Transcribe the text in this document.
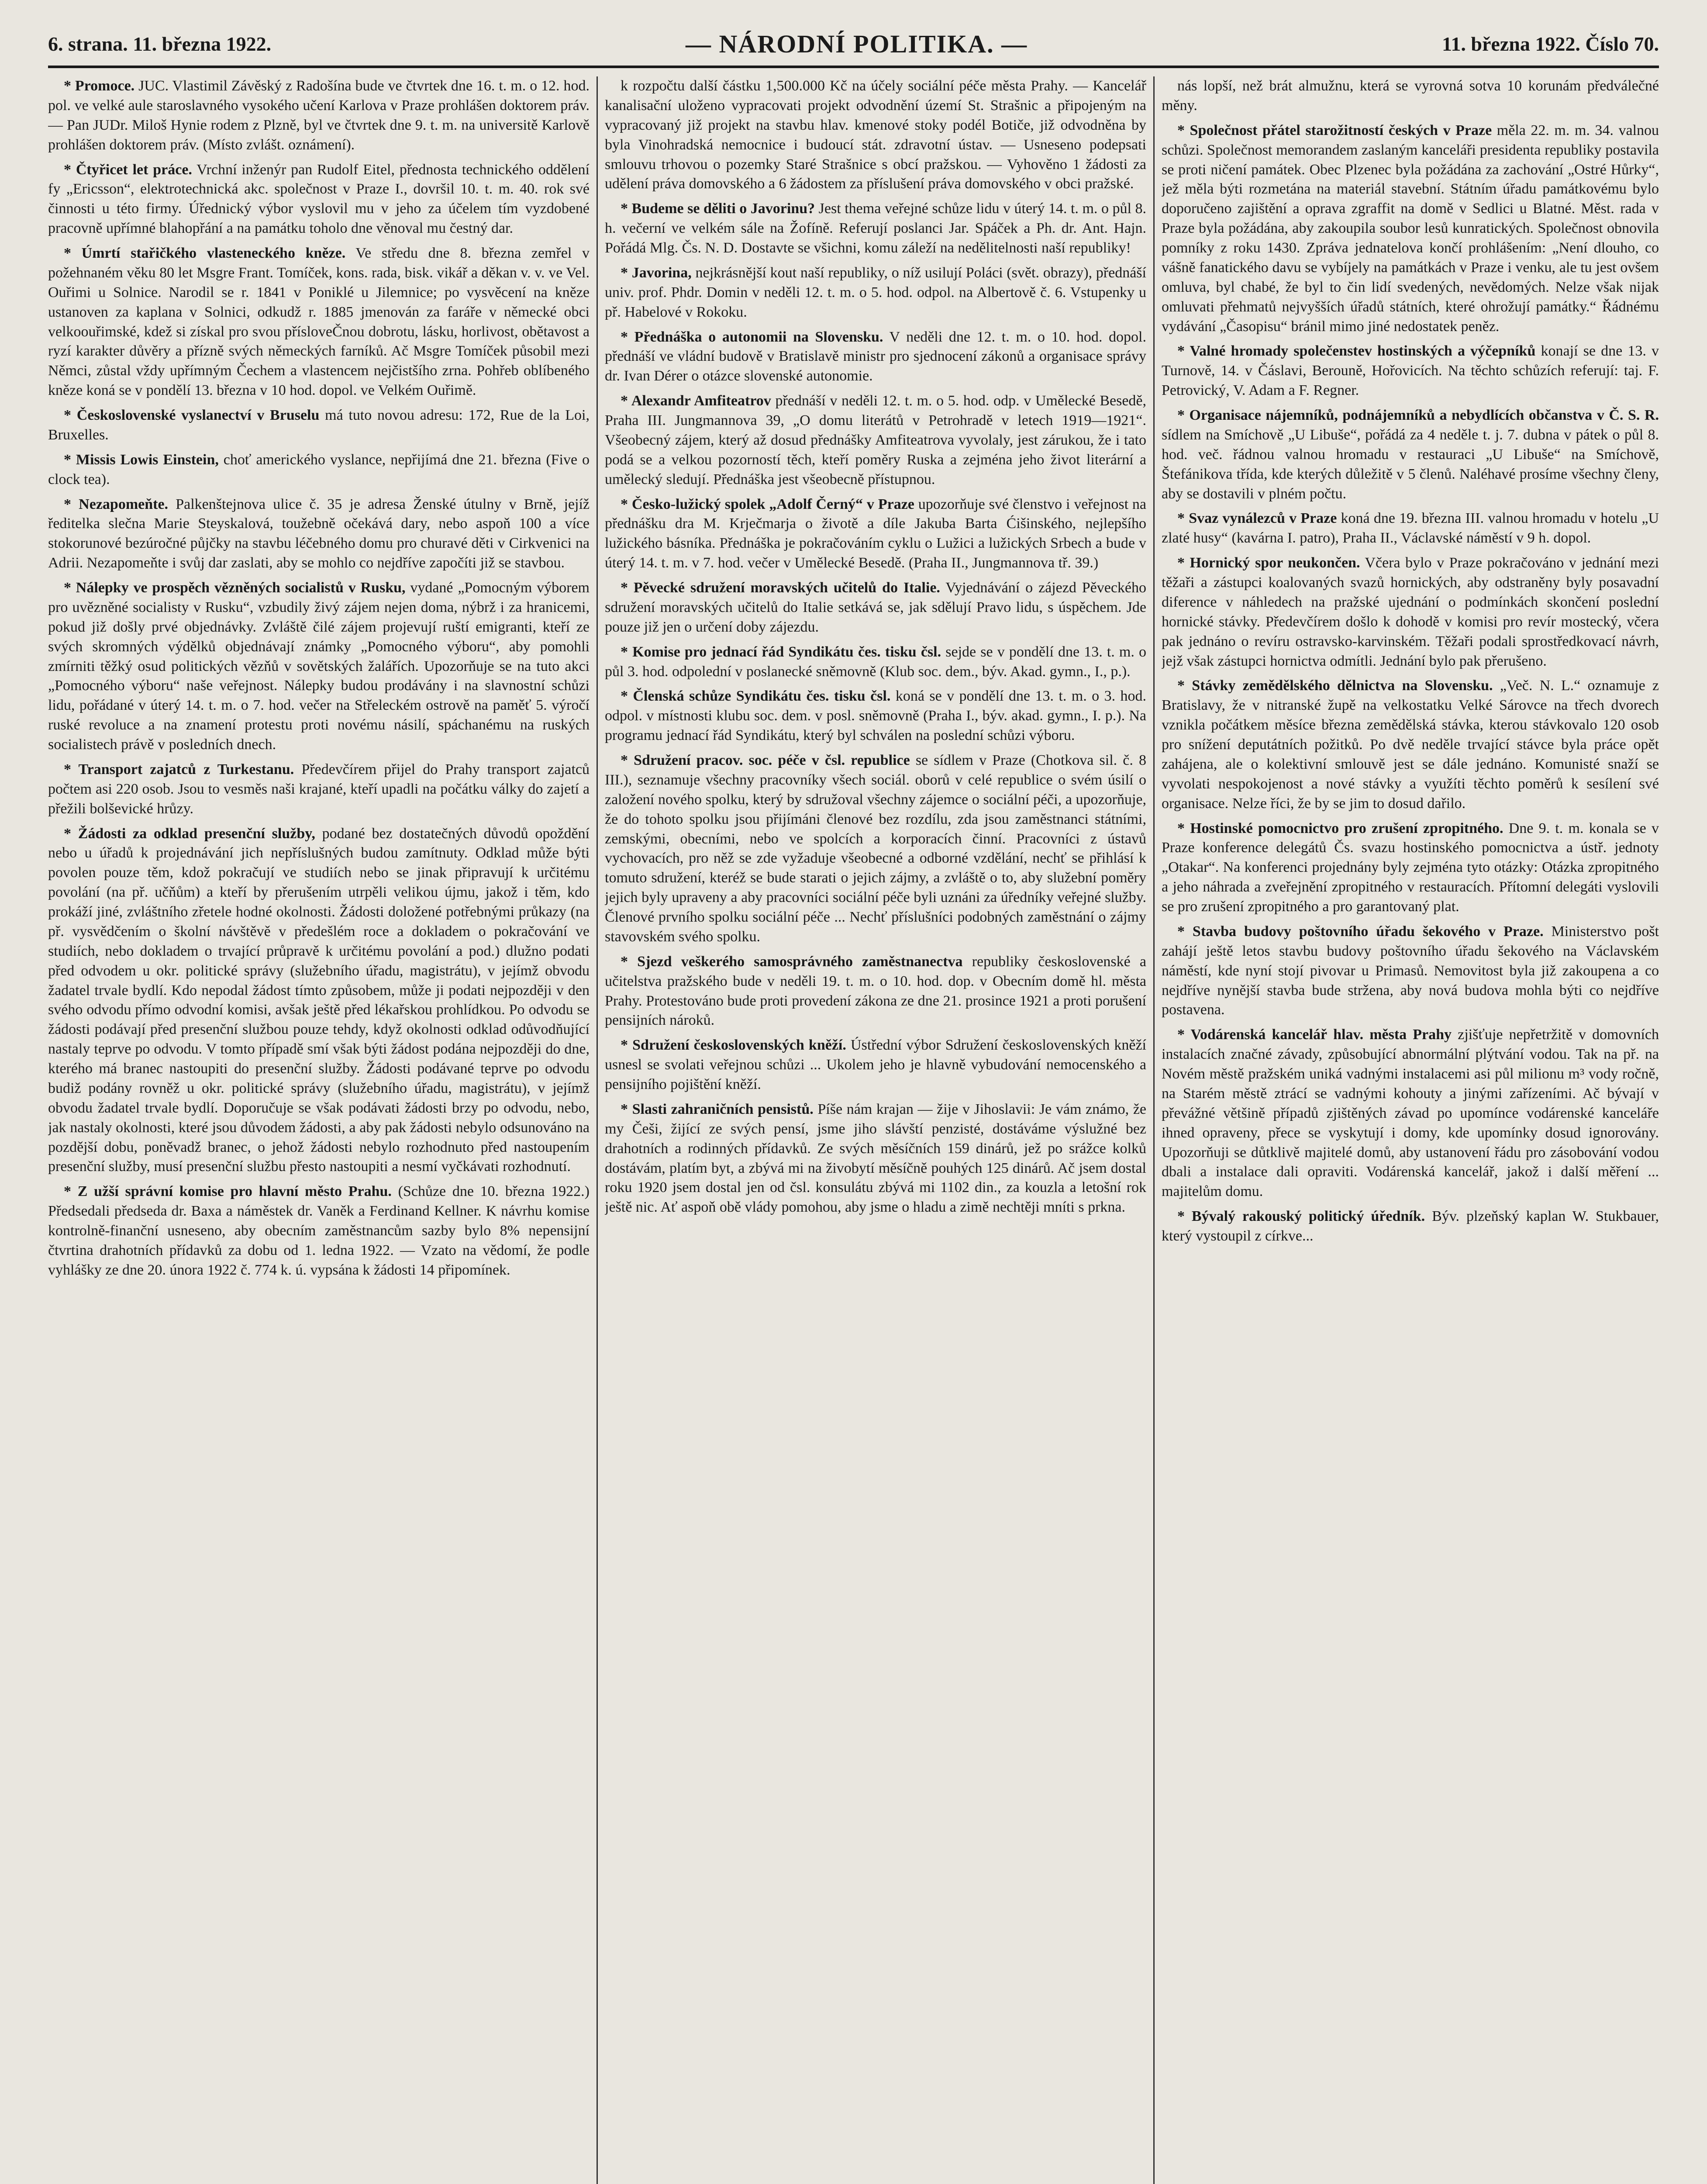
6. strana. 11. března 1922.	— NÁRODNÍ POLITIKA. —	11. března 1922. Číslo 70.

* Promoce. JUC. Vlastimil Závěský z Radošína bude ve čtvrtek dne 16. t. m. o 12. hod. pol. ve velké aule staroslavného vysokého učení Karlova v Praze prohlášen doktorem práv. — Pan JUDr. Miloš Hynie rodem z Plzně, byl ve čtvrtek dne 9. t. m. na universitě Karlově prohlášen doktorem práv. (Místo zvlášt. oznámení).

* Čtyřicet let práce. Vrchní inženýr pan Rudolf Eitel, přednosta technického oddělení fy „Ericsson“, elektrotechnická akc. společnost v Praze I., dovršil 10. t. m. 40. rok své činnosti u této firmy. Úřednický výbor vyslovil mu v jeho za účelem tím vyzdobené pracovně upřímné blahopřání a na památku toholo dne věnoval mu čestný dar.

* Úmrtí stařičkého vlasteneckého kněze. Ve středu dne 8. března zemřel v požehnaném věku 80 let Msgre Frant. Tomíček, kons. rada, bisk. vikář a děkan v. v. ve Vel. Ouřimi u Solnice. Narodil se r. 1841 v Poniklé u Jilemnice; po vysvěcení na kněze ustanoven za kaplana v Solnici, odkudž r. 1885 jmenován za faráře v německé obci velkoouřimské, kdež si získal pro svou přísloveČnou dobrotu, lásku, horlivost, obětavost a ryzí karakter důvěry a přízně svých německých farníků. Ač Msgre Tomíček působil mezi Němci, zůstal vždy upřímným Čechem a vlastencem nejčistšího zrna. Pohřeb oblíbeného kněze koná se v pondělí 13. března v 10 hod. dopol. ve Velkém Ouřimě.

* Československé vyslanectví v Bruselu má tuto novou adresu: 172, Rue de la Loi, Bruxelles.

* Missis Lowis Einstein, choť amerického vyslance, nepřijímá dne 21. března (Five o clock tea).

* Nezapomeňte. Palkenštejnova ulice č. 35 je adresa Ženské útulny v Brně, jejíž ředitelka slečna Marie Steyskalová, toužebně očekává dary, nebo aspoň 100 a více stokorunové bezúročné půjčky na stavbu léčebného domu pro churavé děti v Cirkvenici na Adrii. Nezapomeňte i svůj dar zaslati, aby se mohlo co nejdříve započíti již se stavbou.

* Nálepky ve prospěch vězněných socialistů v Rusku, vydané „Pomocným výborem pro uvězněné socialisty v Rusku“, vzbudily živý zájem nejen doma, nýbrž i za hranicemi, pokud již došly prvé objednávky. Zvláště čilé zájem projevují ruští emigranti, kteří ze svých skromných výdělků objednávají známky „Pomocného výboru“, aby pomohli zmírniti těžký osud politických vězňů v sovětských žalářích. Upozorňuje se na tuto akci „Pomocného výboru“ naše veřejnost. Nálepky budou prodávány i na slavnostní schůzi lidu, pořádané v úterý 14. t. m. o 7. hod. večer na Střeleckém ostrově na paměť 5. výročí ruské revoluce a na znamení protestu proti novému násilí, spáchanému na ruských socialistech právě v posledních dnech.

* Transport zajatců z Turkestanu. Předevčírem přijel do Prahy transport zajatců počtem asi 220 osob. Jsou to vesměs naši krajané, kteří upadli na počátku války do zajetí a přežili bolševické hrůzy.

* Žádosti za odklad presenční služby, podané bez dostatečných důvodů opoždění nebo u úřadů k projednávání jich nepříslušných budou zamítnuty. Odklad může býti povolen pouze těm, kdož pokračují ve studiích nebo se jinak připravují k určitému povolání (na př. učňům) a kteří by přerušením utrpěli velikou újmu, jakož i těm, kdo prokáží jiné, zvláštního zřetele hodné okolnosti. Žádosti doložené potřebnými průkazy (na př. vysvědčením o školní návštěvě v předešlém roce a dokladem o pokračování ve studiích, nebo dokladem o trvající průpravě k určitému povolání a pod.) dlužno podati před odvodem u okr. politické správy (služebního úřadu, magistrátu), v jejímž obvodu žadatel trvale bydlí. Kdo nepodal žádost tímto způsobem, může ji podati nejpozději v den svého odvodu přímo odvodní komisi, avšak ještě před lékařskou prohlídkou. Po odvodu se žádosti podávají před presenční službou pouze tehdy, když okolnosti odklad odůvodňující nastaly teprve po odvodu. V tomto případě smí však býti žádost podána nejpozději do dne, kterého má branec nastoupiti do presenční služby. Žádosti podávané teprve po odvodu budiž podány rovněž u okr. politické správy (služebního úřadu, magistrátu), v jejímž obvodu žadatel trvale bydlí. Doporučuje se však podávati žádosti brzy po odvodu, nebo, jak nastaly okolnosti, které jsou důvodem žádosti, a aby pak žádosti nebylo odsunováno na pozdější dobu, poněvadž branec, o jehož žádosti nebylo rozhodnuto před nastoupením presenční služby, musí presenční službu přesto nastoupiti a nesmí vyčkávati rozhodnutí.

* Z užší správní komise pro hlavní město Prahu. (Schůze dne 10. března 1922.) Předsedali předseda dr. Baxa a náměstek dr. Vaněk a Ferdinand Kellner. K návrhu komise kontrolně-finanční usneseno, aby obecním zaměstnancům sazby bylo 8% nepensijní čtvrtina drahotních přídavků za dobu od 1. ledna 1922. — Vzato na vědomí, že podle vyhlášky ze dne 20. února 1922 č. 774 k. ú. vypsána k žádosti 14 připomínek.

k rozpočtu další částku 1,500.000 Kč na účely sociální péče města Prahy. — Kancelář kanalisační uloženo vypracovati projekt odvodnění území St. Strašnic a připojeným na vypracovaný již projekt na stavbu hlav. kmenové stoky podél Botiče, již odvodněna by byla Vinohradská nemocnice i budoucí stát. zdravotní ústav. — Usneseno podepsati smlouvu trhovou o pozemky Staré Strašnice s obcí pražskou. — Vyhověno 1 žádosti za udělení práva domovského a 6 žádostem za příslušení práva domovského v obci pražské.

* Budeme se děliti o Javorinu? Jest thema veřejné schůze lidu v úterý 14. t. m. o půl 8. h. večerní ve velkém sále na Žofíně. Referují poslanci Jar. Spáček a Ph. dr. Ant. Hajn. Pořádá Mlg. Čs. N. D. Dostavte se všichni, komu záleží na nedělitelnosti naší republiky!

* Javorina, nejkrásnější kout naší republiky, o níž usilují Poláci (svět. obrazy), přednáší univ. prof. Phdr. Domin v neděli 12. t. m. o 5. hod. odpol. na Albertově č. 6. Vstupenky u př. Habelové v Rokoku.

* Přednáška o autonomii na Slovensku. V neděli dne 12. t. m. o 10. hod. dopol. přednáší ve vládní budově v Bratislavě ministr pro sjednocení zákonů a organisace správy dr. Ivan Dérer o otázce slovenské autonomie.

* Alexandr Amfiteatrov přednáší v neděli 12. t. m. o 5. hod. odp. v Umělecké Besedě, Praha III. Jungmannova 39, „O domu literátů v Petrohradě v letech 1919—1921“. Všeobecný zájem, který až dosud přednášky Amfiteatrova vyvolaly, jest zárukou, že i tato podá se a velkou pozorností těch, kteří poměry Ruska a zejména jeho život literární a umělecký sledují. Přednáška jest všeobecně přístupnou.

* Česko-lužický spolek „Adolf Černý“ v Praze upozorňuje své členstvo i veřejnost na přednášku dra M. Krječmarja o životě a díle Jakuba Barta Ćišinského, nejlepšího lužického básníka. Přednáška je pokračováním cyklu o Lužici a lužických Srbech a bude v úterý 14. t. m. v 7. hod. večer v Umělecké Besedě. (Praha II., Jungmannova tř. 39.)

* Pěvecké sdružení moravských učitelů do Italie. Vyjednávání o zájezd Pěveckého sdružení moravských učitelů do Italie setkává se, jak sdělují Pravo lidu, s úspěchem. Jde pouze již jen o určení doby zájezdu.

* Komise pro jednací řád Syndikátu čes. tisku čsl. sejde se v pondělí dne 13. t. m. o půl 3. hod. odpolední v poslanecké sněmovně (Klub soc. dem., býv. Akad. gymn., I., p.).

* Členská schůze Syndikátu čes. tisku čsl. koná se v pondělí dne 13. t. m. o 3. hod. odpol. v místnosti klubu soc. dem. v posl. sněmovně (Praha I., býv. akad. gymn., I. p.). Na programu jednací řád Syndikátu, který byl schválen na poslední schůzi výboru.

* Sdružení pracov. soc. péče v čsl. republice se sídlem v Praze (Chotkova sil. č. 8 III.), seznamuje všechny pracovníky všech sociál. oborů v celé republice o svém úsilí o založení nového spolku, který by sdružoval všechny zájemce o sociální péči, a upozorňuje, že do tohoto spolku jsou přijímáni členové bez rozdílu, zda jsou zaměstnanci státními, zemskými, obecními, nebo ve spolcích a korporacích činní. Pracovníci z ústavů vychovacích, pro něž se zde vyžaduje všeobecné a odborné vzdělání, nechť se přihlásí k tomuto sdružení, kteréž se bude starati o jejich zájmy, a zvláště o to, aby služební poměry jejich byly upraveny a aby pracovníci sociální péče byli uznáni za úředníky veřejné služby. Členové prvního spolku sociální péče ... Nechť příslušníci podobných zaměstnání o zájmy stavovském svého spolku.

* Sjezd veškerého samosprávného zaměstnanectva republiky československé a učitelstva pražského bude v neděli 19. t. m. o 10. hod. dop. v Obecním domě hl. města Prahy. Protestováno bude proti provedení zákona ze dne 21. prosince 1921 a proti porušení pensijních nároků.

* Sdružení československých kněží. Ústřední výbor Sdružení československých kněží usnesl se svolati veřejnou schůzi ... Ukolem jeho je hlavně vybudování nemocenského a pensijního pojištění kněží.

* Slasti zahraničních pensistů. Píše nám krajan — žije v Jihoslavii: Je vám známo, že my Češi, žijící ze svých pensí, jsme jiho slávští penzisté, dostáváme výslužné bez drahotních a rodinných přídavků. Ze svých měsíčních 159 dinárů, jež po srážce kolků dostávám, platím byt, a zbývá mi na živobytí měsíčně pouhých 125 dinárů. Ač jsem dostal roku 1920 jsem dostal jen od čsl. konsulátu zbývá mi 1102 din., za kouzla a letošní rok ještě nic. Ať aspoň obě vlády pomohou, aby jsme o hladu a zimě nechtěji mníti s prkna.

nás lopší, než brát almužnu, která se vyrovná sotva 10 korunám předválečné měny.

* Společnost přátel starožitností českých v Praze měla 22. m. m. 34. valnou schůzi. Společnost memorandem zaslaným kanceláři presidenta republiky postavila se proti ničení památek. Obec Plzenec byla požádána za zachování „Ostré Hůrky“, jež měla býti rozmetána na materiál stavební. Státním úřadu památkovému bylo doporučeno zajištění a oprava zgraffit na domě v Sedlici u Blatné. Měst. rada v Praze byla požádána, aby zakoupila soubor lesů kunratických. Společnost obnovila pomníky z roku 1430. Zpráva jednatelova končí prohlášením: „Není dlouho, co vášně fanatického davu se vybíjely na památkách v Praze i venku, ale tu jest ovšem omluva, byl chabé, že byl to čin lidí svedených, nevědomých. Nelze však nijak omluvati přehmatů nejvyšších úřadů státních, které ohrožují památky.“ Řádnému vydávání „Časopisu“ bránil mimo jiné nedostatek peněz.

* Valné hromady společenstev hostinských a výčepníků konají se dne 13. v Turnově, 14. v Čáslavi, Berouně, Hořovicích. Na těchto schůzích referují: taj. F. Petrovický, V. Adam a F. Regner.

* Organisace nájemníků, podnájemníků a nebydlících občanstva v Č. S. R. sídlem na Smíchově „U Libuše“, pořádá za 4 neděle t. j. 7. dubna v pátek o půl 8. hod. več. řádnou valnou hromadu v restauraci „U Libuše“ na Smíchově, Štefánikova třída, kde kterých důležitě v 5 členů. Naléhavé prosíme všechny členy, aby se dostavili v plném počtu.

* Svaz vynálezců v Praze koná dne 19. března III. valnou hromadu v hotelu „U zlaté husy“ (kavárna I. patro), Praha II., Václavské náměstí v 9 h. dopol.

* Hornický spor neukončen. Včera bylo v Praze pokračováno v jednání mezi těžaři a zástupci koalovaných svazů hornických, aby odstraněny byly posavadní diference v náhledech na pražské ujednání o podmínkách skončení poslední hornické stávky. Předevčírem došlo k dohodě v komisi pro revír mostecký, včera pak jednáno o revíru ostravsko-karvinském. Těžaři podali sprostředkovací návrh, jejž však zástupci hornictva odmítli. Jednání bylo pak přerušeno.

* Stávky zemědělského dělnictva na Slovensku. „Več. N. L.“ oznamuje z Bratislavy, že v nitranské župě na velkostatku Velké Sárovce na třech dvorech vznikla počátkem měsíce března zemědělská stávka, kterou stávkovalo 120 osob pro snížení deputátních požitků. Po dvě neděle trvající stávce byla práce opět zahájena, ale o kolektivní smlouvě jest se dále jednáno. Komunisté snaží se vyvolati nespokojenost a nové stávky a využíti těchto poměrů k sesílení své organisace. Nelze říci, že by se jim to dosud dařilo.

* Hostinské pomocnictvo pro zrušení zpropitného. Dne 9. t. m. konala se v Praze konference delegátů Čs. svazu hostinského pomocnictva a ústř. jednoty „Otakar“. Na konferenci projednány byly zejména tyto otázky: Otázka zpropitného a jeho náhrada a zveřejnění zpropitného v restauracích. Přítomní delegáti vyslovili se pro zrušení zpropitného a pro garantovaný plat.

* Stavba budovy poštovního úřadu šekového v Praze. Ministerstvo pošt zahájí ještě letos stavbu budovy poštovního úřadu šekového na Václavském náměstí, kde nyní stojí pivovar u Primasů. Nemovitost byla již zakoupena a co nejdříve nynější stavba bude stržena, aby nová budova mohla býti co nejdříve postavena.

* Vodárenská kancelář hlav. města Prahy zjišťuje nepřetržitě v domovních instalacích značné závady, způsobující abnormální plýtvání vodou. Tak na př. na Novém městě pražském uniká vadnými instalacemi asi půl milionu m³ vody ročně, na Starém městě ztrácí se vadnými kohouty a jinými zařízeními. Ač bývají v převážné většině případů zjištěných závad po upomínce vodárenské kanceláře ihned opraveny, přece se vyskytují i domy, kde upomínky dosud ignorovány. Upozorňuji se důtklivě majitelé domů, aby ustanovení řádu pro zásobování vodou dbali a instalace dali opraviti. Vodárenská kancelář, jakož i další měření ... majitelům domu.

* Bývalý rakouský politický úředník. Býv. plzeňský kaplan W. Stukbauer, který vystoupil z církve...
